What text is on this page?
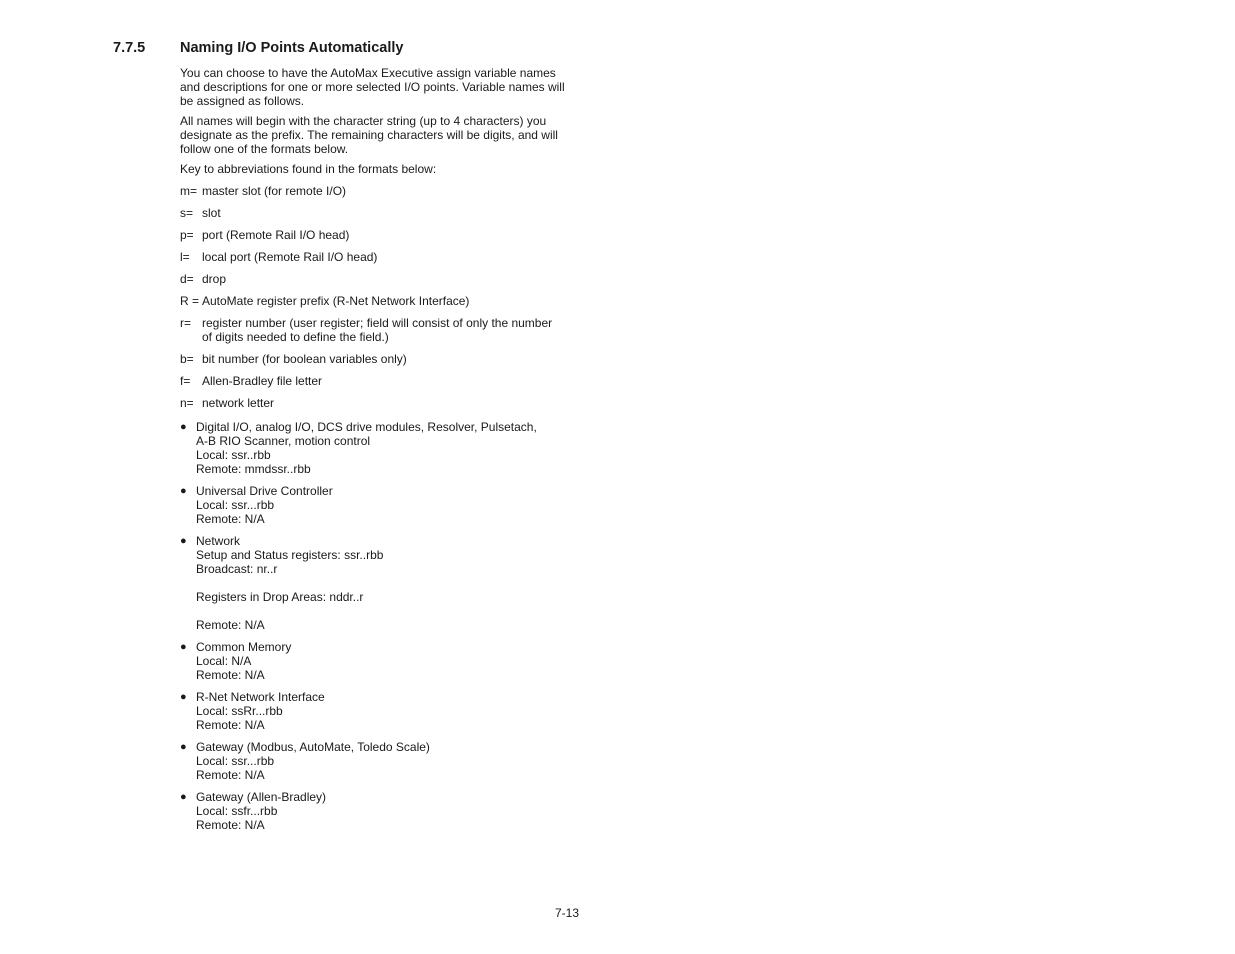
7.7.5 Naming I/O Points Automatically

You can choose to have the AutoMax Executive assign variable names and descriptions for one or more selected I/O points. Variable names will be assigned as follows.

All names will begin with the character string (up to 4 characters) you designate as the prefix. The remaining characters will be digits, and will follow one of the formats below.

Key to abbreviations found in the formats below:

m= master slot (for remote I/O)
s= slot
p= port (Remote Rail I/O head)
l= local port (Remote Rail I/O head)
d= drop
R = AutoMate register prefix (R-Net Network Interface)
r= register number (user register; field will consist of only the number of digits needed to define the field.)
b= bit number (for boolean variables only)
f= Allen-Bradley file letter
n= network letter
● Digital I/O, analog I/O, DCS drive modules, Resolver, Pulsetach,
A-B RIO Scanner, motion control
Local: ssr..rbb
Remote: mmdssr..rbb
● Universal Drive Controller
Local: ssr...rbb
Remote: N/A
● Network
Setup and Status registers: ssr..rbb
Broadcast: nr..r
Registers in Drop Areas: nddr..r
Remote: N/A
● Common Memory
Local: N/A
Remote: N/A
● R-Net Network Interface
Local: ssRr...rbb
Remote: N/A
● Gateway (Modbus, AutoMate, Toledo Scale)
Local: ssr...rbb
Remote: N/A
● Gateway (Allen-Bradley)
Local: ssfr...rbb
Remote: N/A
7-13
